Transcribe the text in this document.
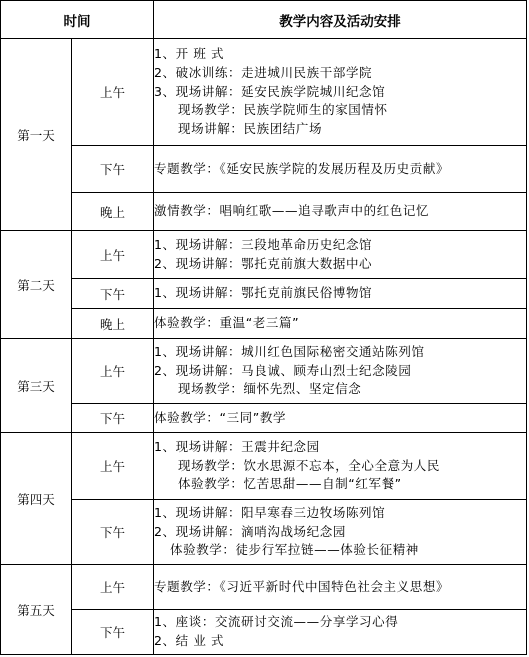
时间		教学内容及活动安排
第一天	上午	1、开 班 式
2、破冰训练：走进城川民族干部学院
3、现场讲解：延安民族学院城川纪念馆
现场教学：民族学院师生的家国情怀
现场讲解：民族团结广场

	下午	专题教学：《延安民族学院的发展历程及历史贡献》

	晚上	激情教学：唱响红歌——追寻歌声中的红色记忆

第二天	上午	1、现场讲解：三段地革命历史纪念馆
2、现场讲解：鄂托克前旗大数据中心

	下午	1、现场讲解：鄂托克前旗民俗博物馆

	晚上	体验教学：重温“老三篇”

第三天	上午	1、现场讲解：城川红色国际秘密交通站陈列馆
2、现场讲解：马良诚、顾寿山烈士纪念陵园
现场教学：缅怀先烈、坚定信念

	下午	体验教学：“三同”教学

第四天	上午	1、现场讲解：王震井纪念园
现场教学：饮水思源不忘本，全心全意为人民
体验教学：忆苦思甜——自制“红军餐”

	下午	1、现场讲解：阳早寒春三边牧场陈列馆
2、现场讲解：滴哨沟战场纪念园
体验教学：徒步行军拉链——体验长征精神

第五天	上午	专题教学：《习近平新时代中国特色社会主义思想》

	下午	1、座谈：交流研讨交流——分享学习心得
2、结 业 式
